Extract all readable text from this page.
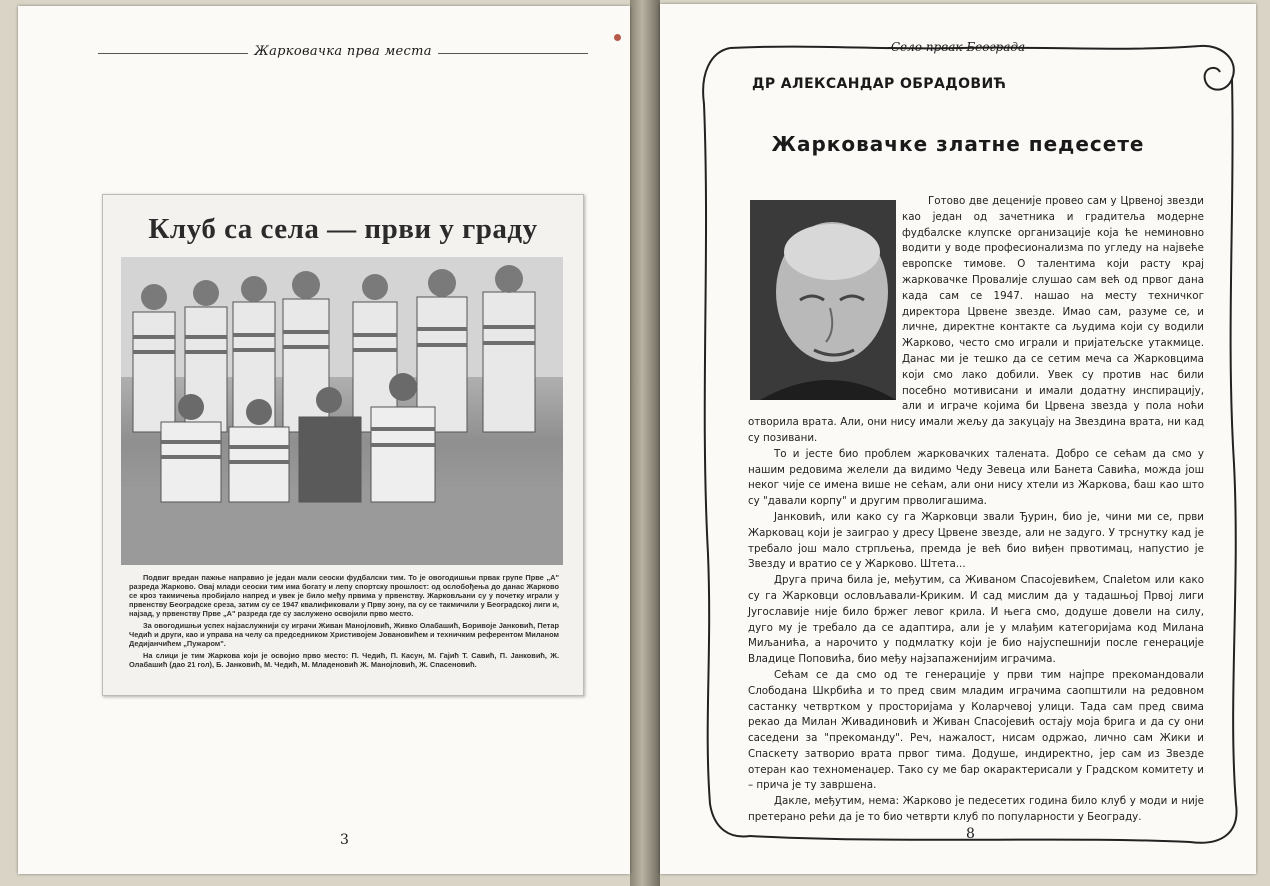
Жарковачка прва места
Клуб са села — први у граду

Подвиг вредан пажње направио је један мали сеоски фудбалски тим. То је овогодишњи првак групе Прве „А" разреда Жарково. Овај млади сеоски тим има богату и лепу спортску прошлост: од ослобођења до данас Жарково се кроз такмичења пробијало напред и увек је било међу првима у првенству. Жарковљани су у почетку играли у првенству Београдске среза, затим су се 1947 квалификовали у Прву зону, па су се такмичили у Београдској лиги и, најзад, у првенству Прве „А" разреда где су заслужено освојили прво место.

За овогодишњи успех најзаслужнији су играчи Живан Манојловић, Живко Олабашић, Боривоје Јанковић, Петар Чедић и други, као и управа на челу са председником Христивојем Јовановићем и техничким референтом Миланом Дедијанчићем „Пужаром".

На слици је тим Жаркова који је освојио прво место: П. Чедић, П. Касун, М. Гајић Т. Савић, П. Јанковић, Ж. Олабашић (дао 21 гол), Б. Јанковић, М. Чедић, М. Младеновић Ж. Манојловић, Ж. Спасеновић.

3
-Село првак Београда-
ДР АЛЕКСАНДАР ОБРАДОВИЋ
Жарковачке златне педесете

Готово две деценије провео сам у Црвеној звезди као један од зачетника и градитеља модерне фудбалске клупске организације која ће неминовно водити у воде професионализма по угледу на највеће европске тимове. О талентима који расту крај жарковачке Провалије слушао сам већ од првог дана када сам се 1947. нашао на месту техничког директора Црвене звезде. Имао сам, разуме се, и личне, директне контакте са људима који су водили Жарково, често смо играли и пријатељске утакмице. Данас ми је тешко да се сетим меча са Жарковцима који смо лако добили. Увек су против нас били посебно мотивисани и имали додатну инспирацију, али и играче којима би Црвена звезда у пола ноћи отворила врата. Али, они нису имали жељу да закуцају на Звездина врата, ни кад су позивани.

То и јесте био проблем жарковачких талената. Добро се сећам да смо у нашим редовима желели да видимо Чеду Зевеца или Банета Савића, можда још неког чије се имена више не сећам, али они нису хтели из Жаркова, баш као што су "давали корпу" и другим прволигашима.

Јанковић, или како су га Жарковци звали Ђурин, био је, чини ми се, први Жарковац који је заиграо у дресу Црвене звезде, али не задуго. У трснутку кад је требало још мало стрпљења, премда је већ био виђен првотимац, напустио је Звезду и вратио се у Жарково. Штета...

Друга прича била је, међутим, са Живаном Спасојевићем, Спаletом или како су га Жарковци ословљавали-Криким. И сад мислим да у тадашњој Првој лиги Југославије није било бржег левог крила. И њега смо, додуше довели на силу, дуго му је требало да се адаптира, али је у млађим категоријама код Милана Миљанића, а нарочито у подмлатку који је био најуспешнији после генерације Владице Поповића, био међу најзапаженијим играчима.

Сећам се да смо од те генерације у први тим најпре прекомандовали Слободана Шкрбића и то пред свим младим играчима саопштили на редовном састанку четвртком у просторијама у Коларчевој улици. Тада сам пред свима рекао да Милан Живадиновић и Живан Спасојевић остају моја брига и да су они саседени за "прекоманду". Реч, нажалост, нисам одржао, лично сам Жики и Спаскету затворио врата првог тима. Додуше, индиректно, јер сам из Звезде отеран као техноменаџер. Тако су ме бар окарактерисали у Градском комитету и – прича је ту завршена.

Дакле, међутим, нема: Жарково је педесетих година било клуб у моди и није претерано рећи да је то био четврти клуб по популарности у Београду.

8
